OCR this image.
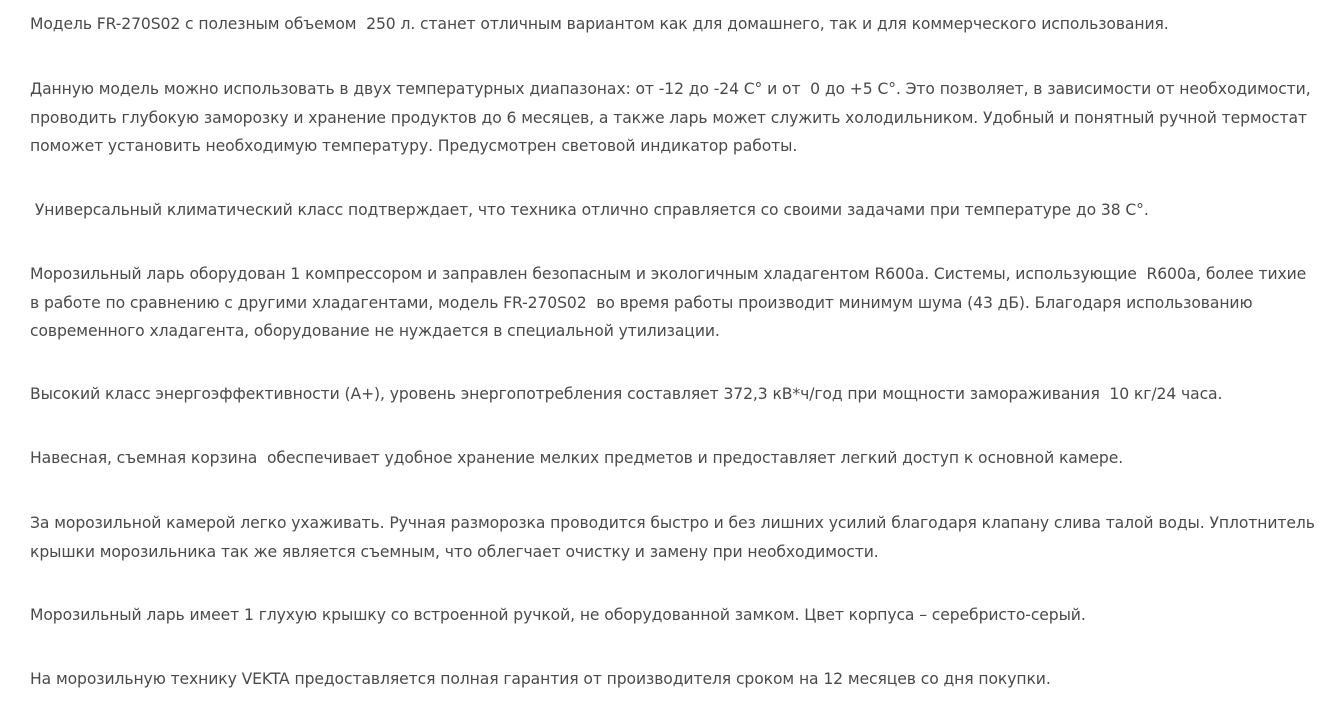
Модель FR-270S02 с полезным объемом  250 л. станет отличным вариантом как для домашнего, так и для коммерческого использования.

Данную модель можно использовать в двух температурных диапазонах: от -12 до -24 С° и от  0 до +5 С°. Это позволяет, в зависимости от необходимости, проводить глубокую заморозку и хранение продуктов до 6 месяцев, а также ларь может служить холодильником. Удобный и понятный ручной термостат поможет установить необходимую температуру. Предусмотрен световой индикатор работы.

Универсальный климатический класс подтверждает, что техника отлично справляется со своими задачами при температуре до 38 С°.

Морозильный ларь оборудован 1 компрессором и заправлен безопасным и экологичным хладагентом R600a. Системы, использующие  R600a, более тихие в работе по сравнению с другими хладагентами, модель FR-270S02  во время работы производит минимум шума (43 дБ). Благодаря использованию современного хладагента, оборудование не нуждается в специальной утилизации.

Высокий класс энергоэффективности (А+), уровень энергопотребления составляет 372,3 кВ*ч/год при мощности замораживания  10 кг/24 часа.

Навесная, съемная корзина  обеспечивает удобное хранение мелких предметов и предоставляет легкий доступ к основной камере.

За морозильной камерой легко ухаживать. Ручная разморозка проводится быстро и без лишних усилий благодаря клапану слива талой воды. Уплотнитель крышки морозильника так же является съемным, что облегчает очистку и замену при необходимости.

Морозильный ларь имеет 1 глухую крышку со встроенной ручкой, не оборудованной замком. Цвет корпуса – серебристо-серый.

На морозильную технику VEKTA предоставляется полная гарантия от производителя сроком на 12 месяцев со дня покупки.
